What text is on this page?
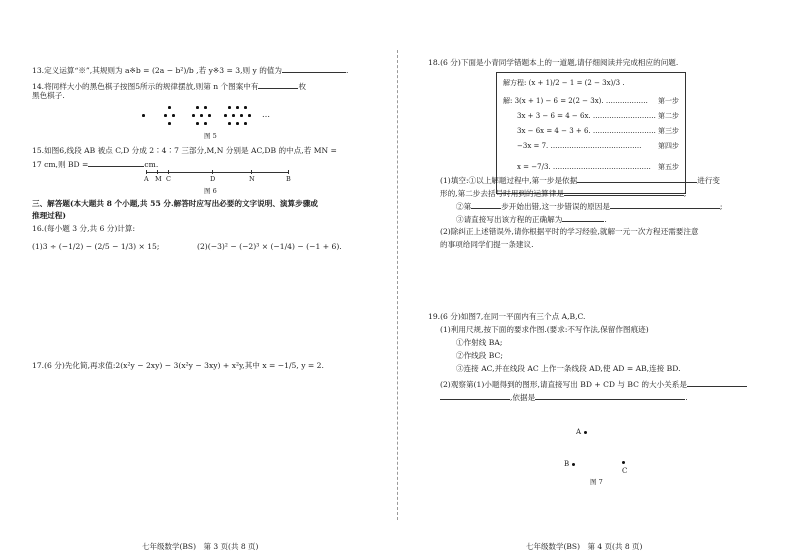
13.定义运算“※”,其规则为 a※b = (2a − b²)/b ,若 y※3 = 3,则 y 的值为	.
14.将同样大小的黑色棋子按图5所示的规律摆放,则第 n 个图案中有	枚
黑色棋子.
…
图 5
15.如图6,线段 AB 被点 C,D 分成 2∶4∶7 三部分,M,N 分别是 AC,DB 的中点,若 MN =
17 cm,则 BD =	cm.
A M C	D	N	B
图 6
三、解答题(本大题共 8 个小题,共 55 分.解答时应写出必要的文字说明、演算步骤或
推理过程)
16.(每小题 3 分,共 6 分)计算:
(1)3 ÷ (−1/2) − (2/5 − 1/3) × 15;	(2)(−3)² − (−2)³ × (−1/4) − (−1 + 6).
17.(6 分)先化简,再求值:2(x²y − 2xy) − 3(x²y − 3xy) + x²y,其中 x = −1/5, y = 2.
七年级数学(BS)　第 3 页(共 8 页)
18.(6 分)下面是小青同学错题本上的一道题,请仔细阅读并完成相应的问题.
解方程: (x + 1)/2 − 1 = (2 − 3x)/3 .
解: 3(x + 1) − 6 = 2(2 − 3x). ……………… 第一步
3x + 3 − 6 = 4 − 6x. ……………………… 第二步
3x − 6x = 4 − 3 + 6. ……………………… 第三步
−3x = 7. ………………………………… 第四步
x = −7/3. …………………………………… 第五步
(1)填空:①以上解题过程中,第一步是依据	进行变
形的,第二步去括号时用到的运算律是	;
②第	步开始出错,这一步错误的原因是	;
③请直接写出该方程的正确解为	.
(2)除纠正上述错误外,请你根据平时的学习经验,就解一元一次方程还需要注意
的事项给同学们提一条建议.
19.(6 分)如图7,在同一平面内有三个点 A,B,C.
(1)利用尺规,按下面的要求作图.(要求:不写作法,保留作图痕迹)
①作射线 BA;
②作线段 BC;
③连接 AC,并在线段 AC 上作一条线段 AD,使 AD = AB,连接 BD.
(2)观察第(1)小题得到的图形,请直接写出 BD + CD 与 BC 的大小关系是
,依据是	.
A
B

C
图 7
七年级数学(BS)　第 4 页(共 8 页)
